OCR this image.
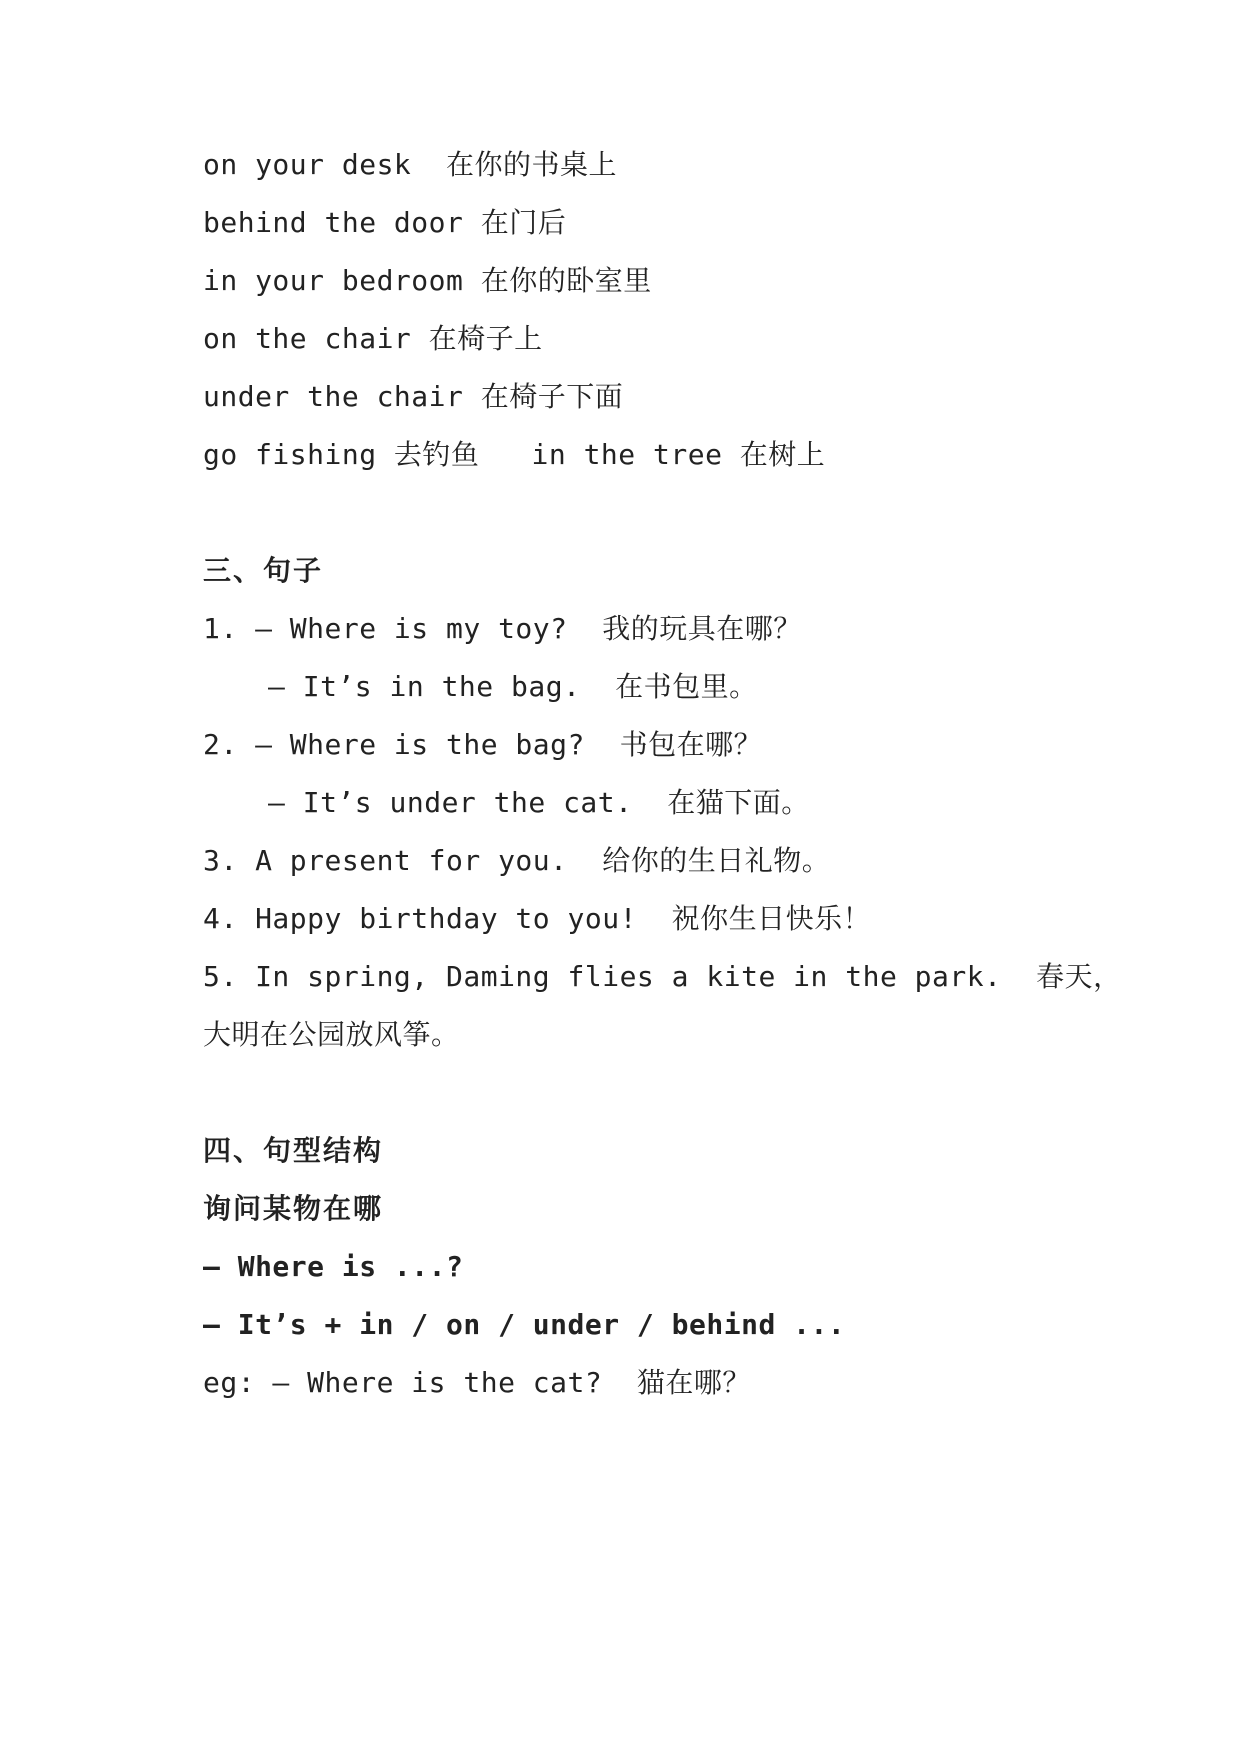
on your desk  在你的书桌上
behind the door 在门后
in your bedroom 在你的卧室里
on the chair 在椅子上
under the chair 在椅子下面
go fishing 去钓鱼   in the tree 在树上
三、句子
1. — Where is my toy?  我的玩具在哪？
— It’s in the bag.  在书包里。
2. — Where is the bag?  书包在哪？
— It’s under the cat.  在猫下面。
3. A present for you.  给你的生日礼物。
4. Happy birthday to you!  祝你生日快乐！
5. In spring, Daming flies a kite in the park.  春天，
大明在公园放风筝。
四、句型结构
询问某物在哪
— Where is ...?
— It’s + in / on / under / behind ...
eg: — Where is the cat?  猫在哪？
